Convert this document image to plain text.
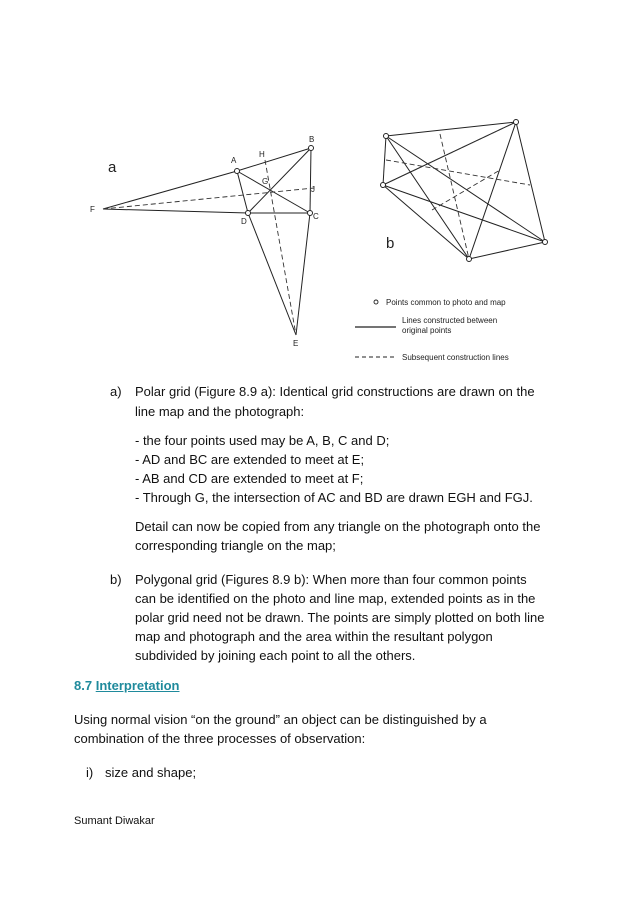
a	A
B
C
D
E
F
G
H
J
b
Points common to photo and map
Lines constructed between
original points
Subsequent construction lines
a) Polar grid (Figure 8.9 a): Identical grid constructions are drawn on the
line map and the photograph:
- the four points used may be A, B, C and D;
- AD and BC are extended to meet at E;
- AB and CD are extended to meet at F;
- Through G, the intersection of AC and BD are drawn EGH and FGJ.
Detail can now be copied from any triangle on the photograph onto the
corresponding triangle on the map;
b) Polygonal grid (Figures 8.9 b): When more than four common points
can be identified on the photo and line map, extended points as in the
polar grid need not be drawn. The points are simply plotted on both line
map and photograph and the area within the resultant polygon
subdivided by joining each point to all the others.
8.7 Interpretation
Using normal vision “on the ground” an object can be distinguished by a
combination of the three processes of observation:
i) size and shape;
Sumant Diwakar
